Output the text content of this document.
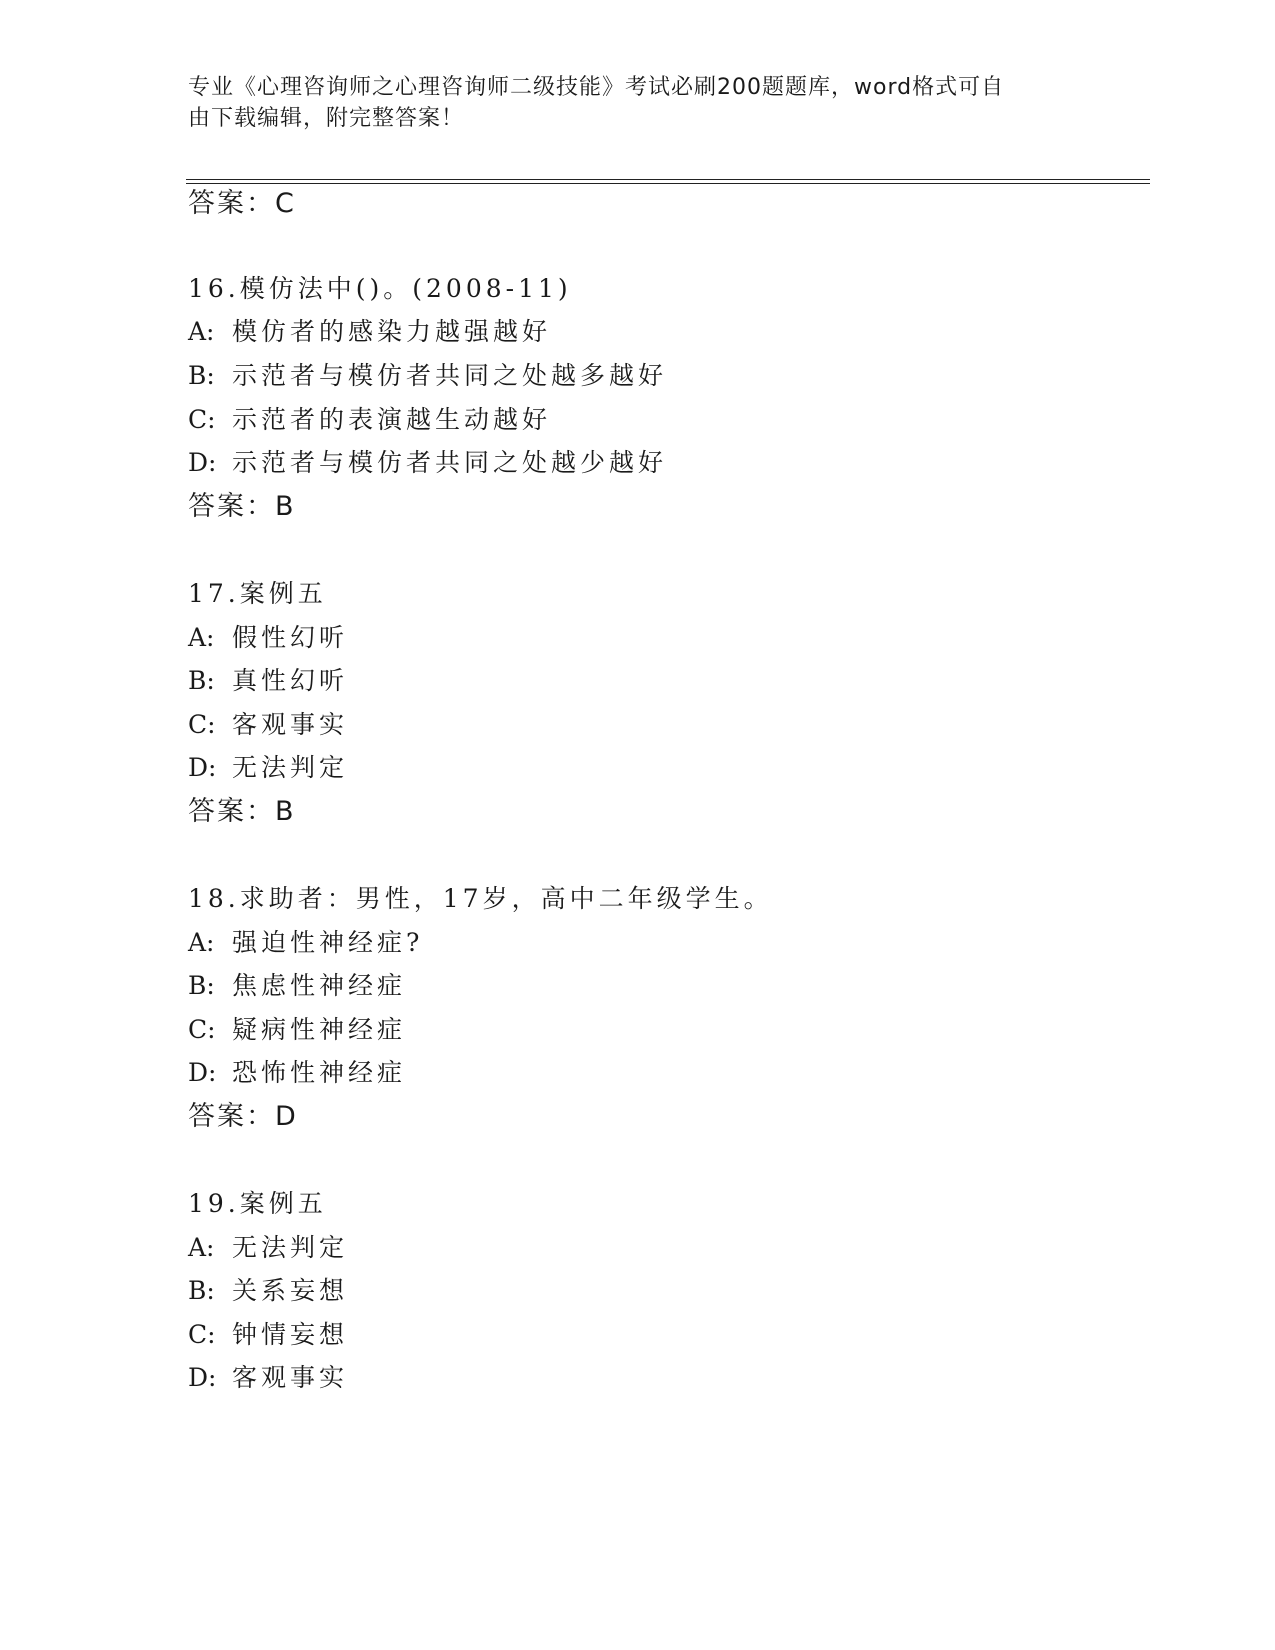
专业《心理咨询师之心理咨询师二级技能》考试必刷200题题库，word格式可自
由下载编辑，附完整答案！
答案：C
16.模仿法中()。(2008-11)
A: 模仿者的感染力越强越好
B: 示范者与模仿者共同之处越多越好
C: 示范者的表演越生动越好
D: 示范者与模仿者共同之处越少越好
答案：B
17.案例五
A: 假性幻听
B: 真性幻听
C: 客观事实
D: 无法判定
答案：B
18.求助者：男性，17岁，高中二年级学生。
A: 强迫性神经症?
B: 焦虑性神经症
C: 疑病性神经症
D: 恐怖性神经症
答案：D
19.案例五
A: 无法判定
B: 关系妄想
C: 钟情妄想
D: 客观事实
